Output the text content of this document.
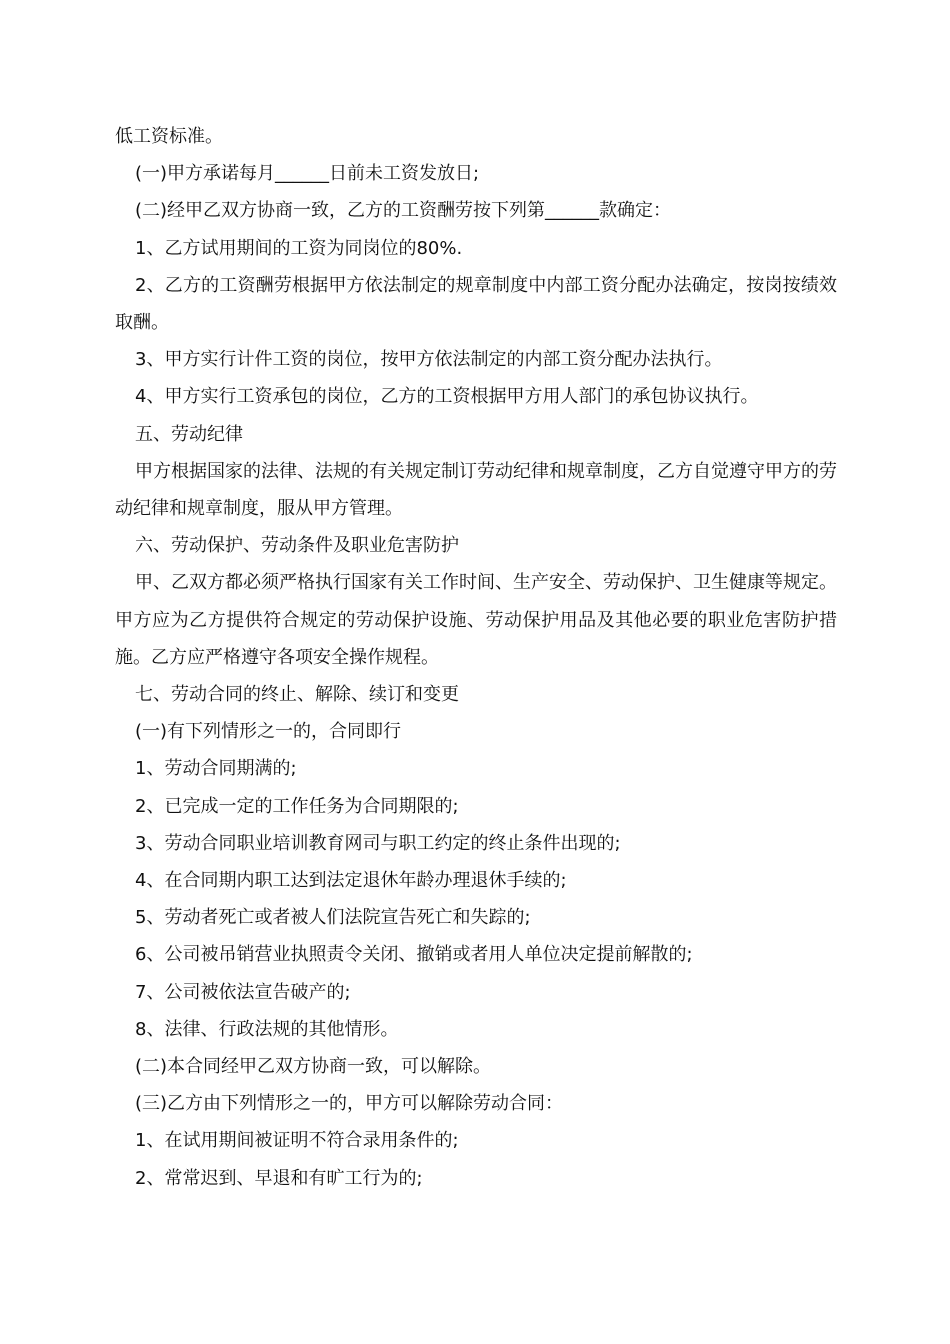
低工资标准。

(一)甲方承诺每月______日前未工资发放日;

(二)经甲乙双方协商一致，乙方的工资酬劳按下列第______款确定：

1、乙方试用期间的工资为同岗位的80%.

2、乙方的工资酬劳根据甲方依法制定的规章制度中内部工资分配办法确定，按岗按绩效取酬。

3、甲方实行计件工资的岗位，按甲方依法制定的内部工资分配办法执行。

4、甲方实行工资承包的岗位，乙方的工资根据甲方用人部门的承包协议执行。

五、劳动纪律

甲方根据国家的法律、法规的有关规定制订劳动纪律和规章制度，乙方自觉遵守甲方的劳动纪律和规章制度，服从甲方管理。

六、劳动保护、劳动条件及职业危害防护

甲、乙双方都必须严格执行国家有关工作时间、生产安全、劳动保护、卫生健康等规定。甲方应为乙方提供符合规定的劳动保护设施、劳动保护用品及其他必要的职业危害防护措施。乙方应严格遵守各项安全操作规程。

七、劳动合同的终止、解除、续订和变更

(一)有下列情形之一的，合同即行

1、劳动合同期满的;

2、已完成一定的工作任务为合同期限的;

3、劳动合同职业培训教育网司与职工约定的终止条件出现的;

4、在合同期内职工达到法定退休年龄办理退休手续的;

5、劳动者死亡或者被人们法院宣告死亡和失踪的;

6、公司被吊销营业执照责令关闭、撤销或者用人单位决定提前解散的;

7、公司被依法宣告破产的;

8、法律、行政法规的其他情形。

(二)本合同经甲乙双方协商一致，可以解除。

(三)乙方由下列情形之一的，甲方可以解除劳动合同：

1、在试用期间被证明不符合录用条件的;

2、常常迟到、早退和有旷工行为的;
